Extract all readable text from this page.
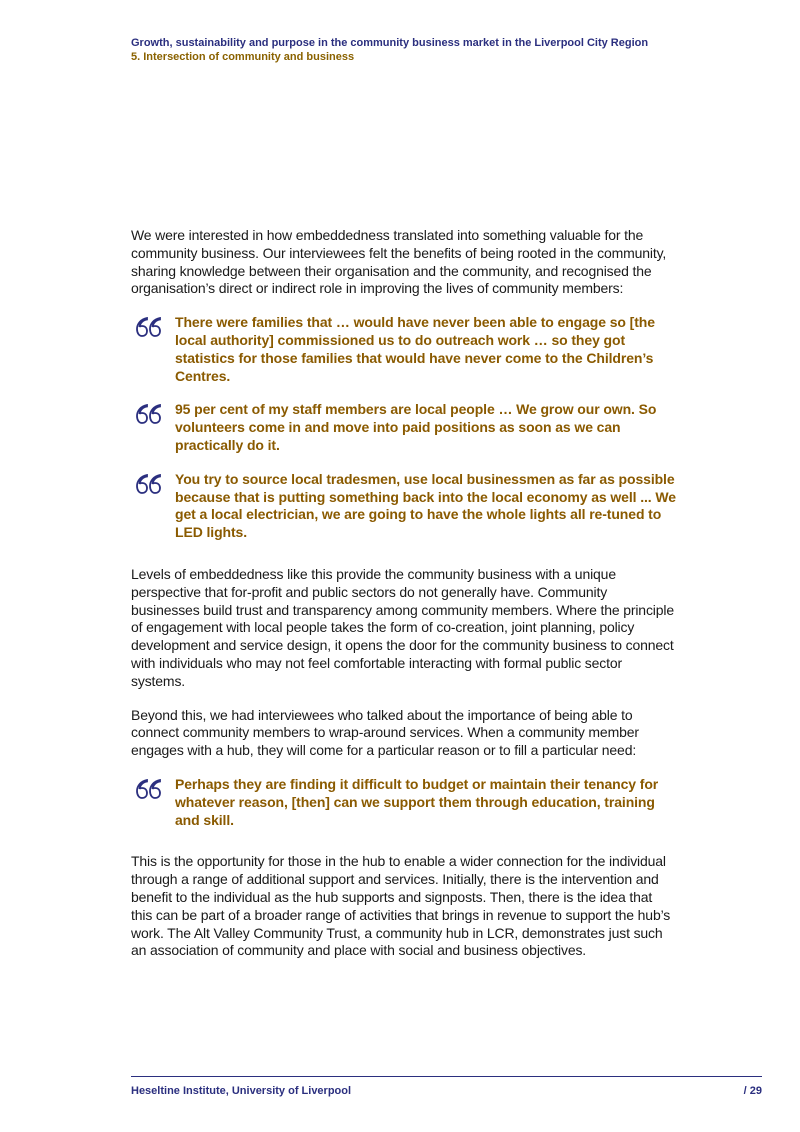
Growth, sustainability and purpose in the community business market in the Liverpool City Region
5. Intersection of community and business

We were interested in how embeddedness translated into something valuable for the community business. Our interviewees felt the benefits of being rooted in the community, sharing knowledge between their organisation and the community, and recognised the organisation’s direct or indirect role in improving the lives of community members:

There were families that … would have never been able to engage so [the local authority] commissioned us to do outreach work … so they got statistics for those families that would have never come to the Children’s Centres.

95 per cent of my staff members are local people … We grow our own. So volunteers come in and move into paid positions as soon as we can practically do it.

You try to source local tradesmen, use local businessmen as far as possible because that is putting something back into the local economy as well ... We get a local electrician, we are going to have the whole lights all re-tuned to LED lights.

Levels of embeddedness like this provide the community business with a unique perspective that for-profit and public sectors do not generally have. Community businesses build trust and transparency among community members. Where the principle of engagement with local people takes the form of co-creation, joint planning, policy development and service design, it opens the door for the community business to connect with individuals who may not feel comfortable interacting with formal public sector systems.

Beyond this, we had interviewees who talked about the importance of being able to connect community members to wrap-around services. When a community member engages with a hub, they will come for a particular reason or to fill a particular need:

Perhaps they are finding it difficult to budget or maintain their tenancy for whatever reason, [then] can we support them through education, training and skill.

This is the opportunity for those in the hub to enable a wider connection for the individual through a range of additional support and services. Initially, there is the intervention and benefit to the individual as the hub supports and signposts. Then, there is the idea that this can be part of a broader range of activities that brings in revenue to support the hub’s work. The Alt Valley Community Trust, a community hub in LCR, demonstrates just such an association of community and place with social and business objectives.

Heseltine Institute, University of Liverpool	/ 29
